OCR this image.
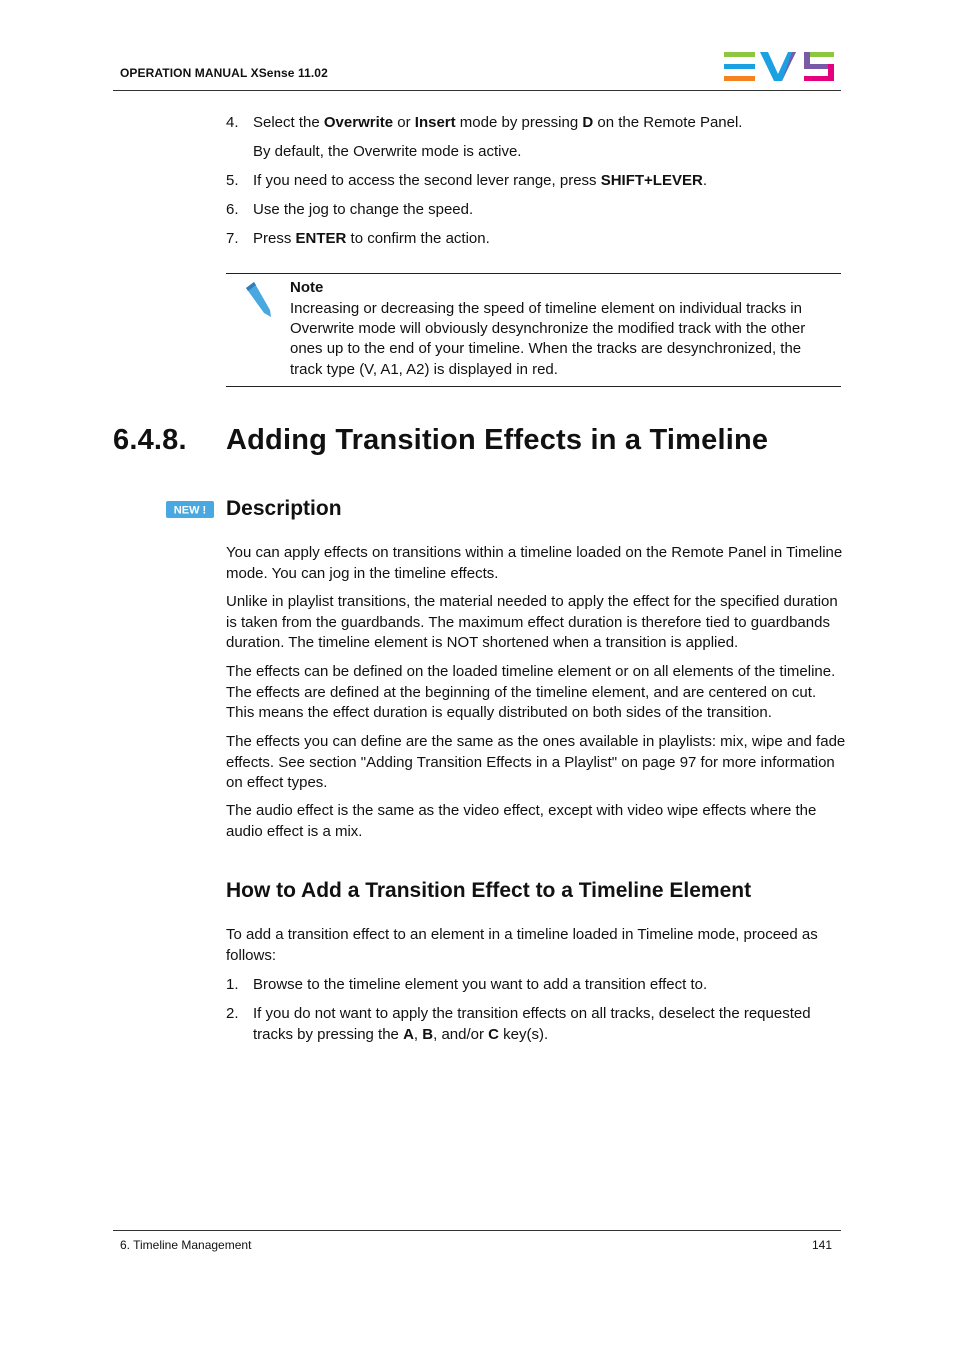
OPERATION MANUAL XSense 11.02
4. Select the Overwrite or Insert mode by pressing D on the Remote Panel.
By default, the Overwrite mode is active.
5. If you need to access the second lever range, press SHIFT+LEVER.
6. Use the jog to change the speed.
7. Press ENTER to confirm the action.
Note
Increasing or decreasing the speed of timeline element on individual tracks in Overwrite mode will obviously desynchronize the modified track with the other ones up to the end of your timeline. When the tracks are desynchronized, the track type (V, A1, A2) is displayed in red.
6.4.8. Adding Transition Effects in a Timeline
NEW ! Description
You can apply effects on transitions within a timeline loaded on the Remote Panel in Timeline mode. You can jog in the timeline effects.
Unlike in playlist transitions, the material needed to apply the effect for the specified duration is taken from the guardbands. The maximum effect duration is therefore tied to guardbands duration. The timeline element is NOT shortened when a transition is applied.
The effects can be defined on the loaded timeline element or on all elements of the timeline. The effects are defined at the beginning of the timeline element, and are centered on cut. This means the effect duration is equally distributed on both sides of the transition.
The effects you can define are the same as the ones available in playlists: mix, wipe and fade effects. See section "Adding Transition Effects in a Playlist" on page 97 for more information on effect types.
The audio effect is the same as the video effect, except with video wipe effects where the audio effect is a mix.
How to Add a Transition Effect to a Timeline Element
To add a transition effect to an element in a timeline loaded in Timeline mode, proceed as follows:
1. Browse to the timeline element you want to add a transition effect to.
2. If you do not want to apply the transition effects on all tracks, deselect the requested tracks by pressing the A, B, and/or C key(s).
6. Timeline Management	141
